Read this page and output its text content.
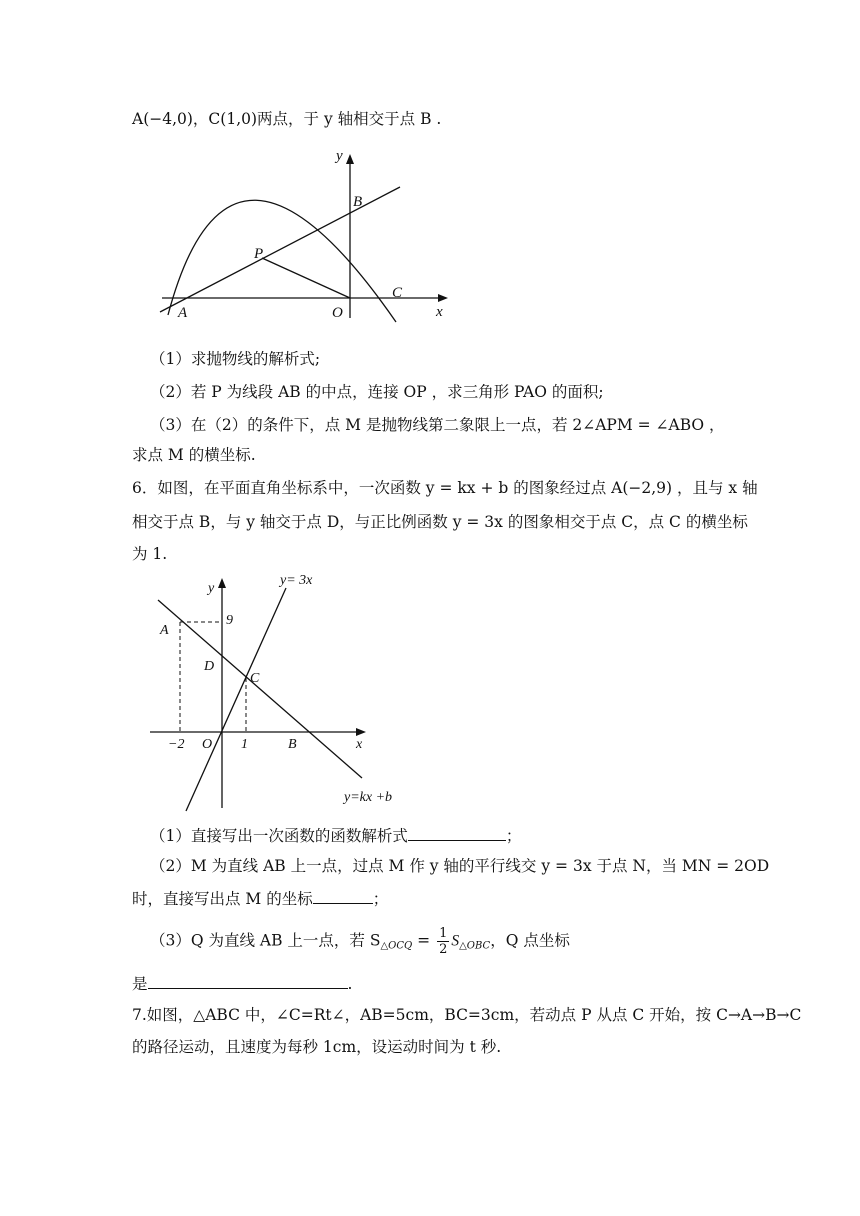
A(−4,0)，C(1,0)两点，于 y 轴相交于点 B .
y
B
P
A	O
C
x
（1）求抛物线的解析式;
（2）若 P 为线段 AB 的中点，连接 OP ，求三角形 PAO 的面积;
（3）在（2）的条件下，点 M 是抛物线第二象限上一点，若 2∠APM = ∠ABO ，
求点 M 的横坐标.
6．如图，在平面直角坐标系中，一次函数 y = kx + b 的图象经过点 A(−2,9) ，且与 x 轴
相交于点 B，与 y 轴交于点 D，与正比例函数 y = 3x 的图象相交于点 C，点 C 的横坐标
为 1.
y
y= 3x
9
A
D
C
−2 O 1	B	x
y=kx +b
（1）直接写出一次函数的函数解析式	；
（2）M 为直线 AB 上一点，过点 M 作 y 轴的平行线交 y = 3x 于点 N，当 MN = 2OD
时，直接写出点 M 的坐标	；
（3）Q 为直线 AB 上一点，若 $S_{\triangle OCQ} = \frac{1}{2} S_{\triangle OBC}$，Q 点坐标
是	.
7.如图，△ABC 中，∠C=Rt∠，AB=5cm，BC=3cm，若动点 P 从点 C 开始，按 C→A→B→C
的路径运动，且速度为每秒 1cm，设运动时间为 t 秒.
